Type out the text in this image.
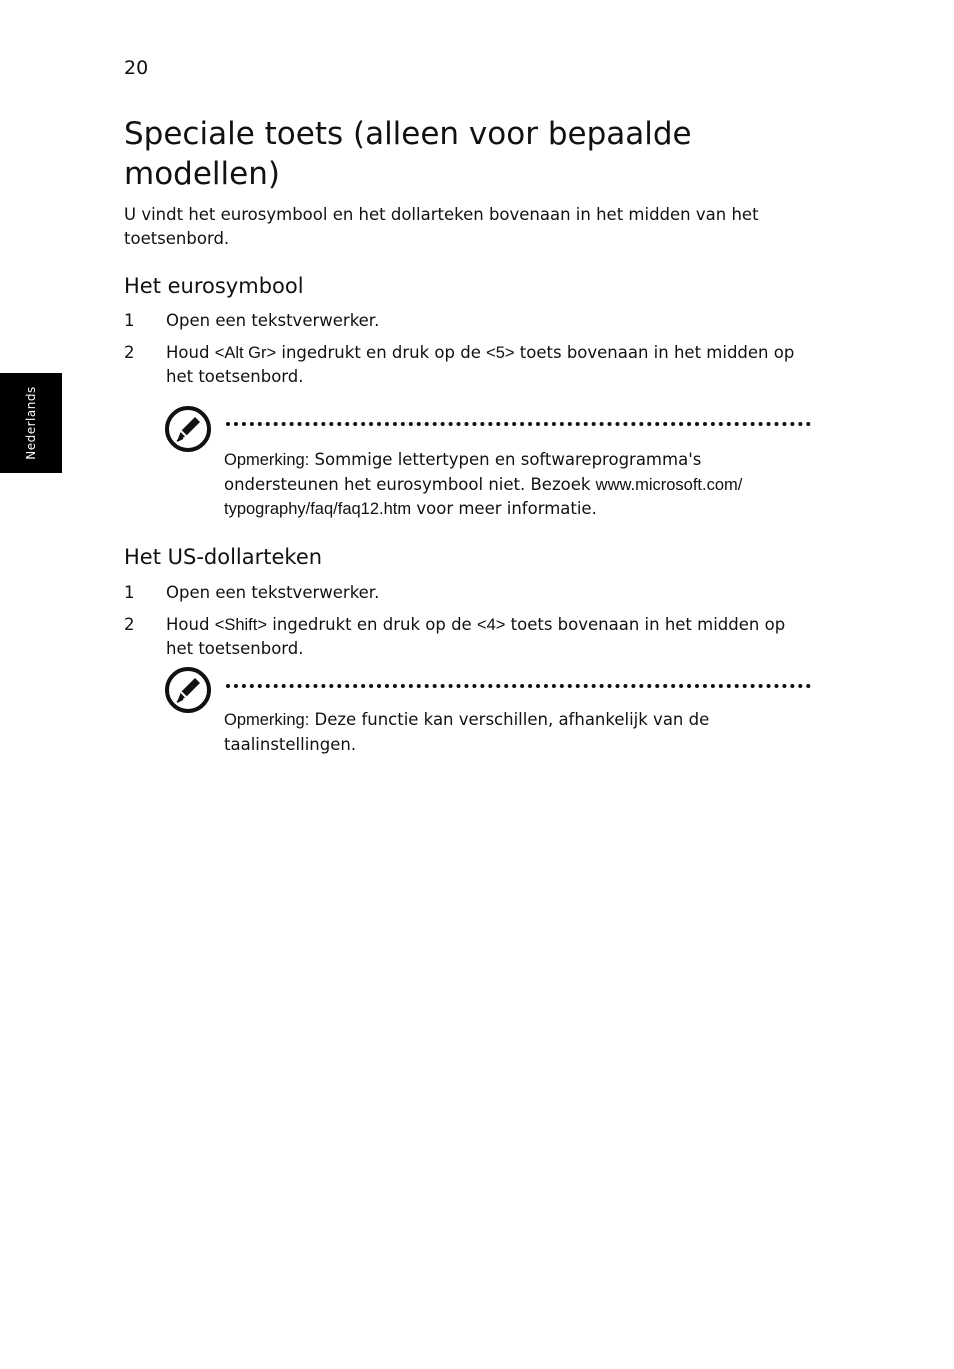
20
Nederlands
Speciale toets (alleen voor bepaalde modellen)

U vindt het eurosymbool en het dollarteken bovenaan in het midden van het toetsenbord.

Het eurosymbool
1	Open een tekstverwerker.
2	Houd <Alt Gr> ingedrukt en druk op de <5> toets bovenaan in het midden op het toetsenbord.

Opmerking: Sommige lettertypen en softwareprogramma's ondersteunen het eurosymbool niet. Bezoek www.microsoft.com/ typography/faq/faq12.htm voor meer informatie.

Het US-dollarteken
1	Open een tekstverwerker.
2	Houd <Shift> ingedrukt en druk op de <4> toets bovenaan in het midden op het toetsenbord.

Opmerking: Deze functie kan verschillen, afhankelijk van de taalinstellingen.
